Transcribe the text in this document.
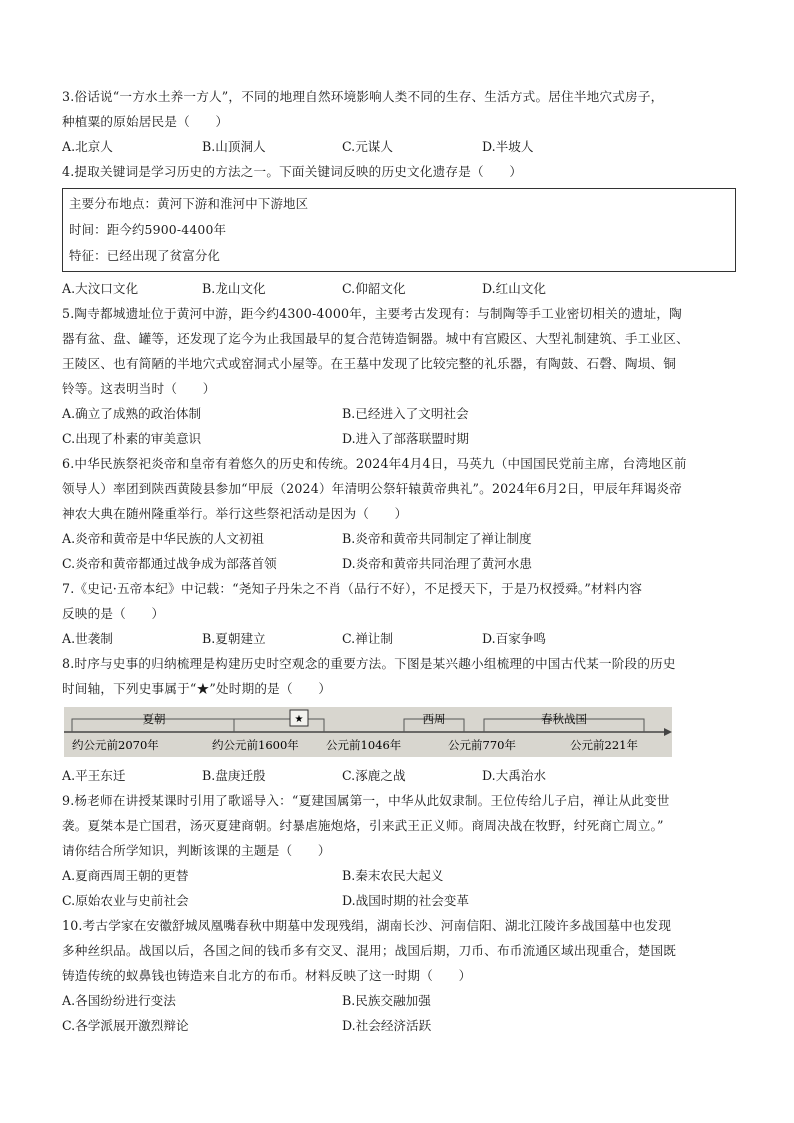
3.俗话说“一方水土养一方人”，不同的地理自然环境影响人类不同的生存、生活方式。居住半地穴式房子，
种植粟的原始居民是（　　）
A.北京人	B.山顶洞人	C.元谋人	D.半坡人
4.提取关键词是学习历史的方法之一。下面关键词反映的历史文化遗存是（　　）
主要分布地点：黄河下游和淮河中下游地区
时间：距今约5900-4400年
特征：已经出现了贫富分化
A.大汶口文化	B.龙山文化	C.仰韶文化	D.红山文化
5.陶寺都城遗址位于黄河中游，距今约4300-4000年，主要考古发现有：与制陶等手工业密切相关的遗址，陶
器有盆、盘、罐等，还发现了迄今为止我国最早的复合范铸造铜器。城中有宫殿区、大型礼制建筑、手工业区、
王陵区、也有简陋的半地穴式或窑洞式小屋等。在王墓中发现了比较完整的礼乐器，有陶鼓、石磬、陶埙、铜
铃等。这表明当时（　　）
A.确立了成熟的政治体制	B.已经进入了文明社会
C.出现了朴素的审美意识	D.进入了部落联盟时期
6.中华民族祭祀炎帝和皇帝有着悠久的历史和传统。2024年4月4日，马英九（中国国民党前主席，台湾地区前
领导人）率团到陕西黄陵县参加“甲辰（2024）年清明公祭轩辕黄帝典礼”。2024年6月2日，甲辰年拜谒炎帝
神农大典在随州隆重举行。举行这些祭祀活动是因为（　　）
A.炎帝和黄帝是中华民族的人文初祖	B.炎帝和黄帝共同制定了禅让制度
C.炎帝和黄帝都通过战争成为部落首领	D.炎帝和黄帝共同治理了黄河水患
7.《史记·五帝本纪》中记载：“尧知子丹朱之不肖（品行不好），不足授天下，于是乃权授舜。”材料内容
反映的是（　　）
A.世袭制	B.夏朝建立	C.禅让制	D.百家争鸣
8.时序与史事的归纳梳理是构建历史时空观念的重要方法。下图是某兴趣小组梳理的中国古代某一阶段的历史
时间轴，下列史事属于“★”处时期的是（　　）
夏朝	★	西周	春秋战国
约公元前2070年	约公元前1600年 公元前1046年	公元前770年	公元前221年
A.平王东迁	B.盘庚迁殷	C.涿鹿之战	D.大禹治水
9.杨老师在讲授某课时引用了歌谣导入：“夏建国属第一，中华从此奴隶制。王位传给儿子启，禅让从此变世
袭。夏桀本是亡国君，汤灭夏建商朝。纣暴虐施炮烙，引来武王正义师。商周决战在牧野，纣死商亡周立。”
请你结合所学知识，判断该课的主题是（　　）
A.夏商西周王朝的更替	B.秦末农民大起义
C.原始农业与史前社会	D.战国时期的社会变革
10.考古学家在安徽舒城凤凰嘴春秋中期墓中发现残绢，湖南长沙、河南信阳、湖北江陵许多战国墓中也发现
多种丝织品。战国以后，各国之间的钱币多有交叉、混用；战国后期，刀币、布币流通区域出现重合，楚国既
铸造传统的蚁鼻钱也铸造来自北方的布币。材料反映了这一时期（　　）
A.各国纷纷进行变法	B.民族交融加强
C.各学派展开激烈辩论	D.社会经济活跃
